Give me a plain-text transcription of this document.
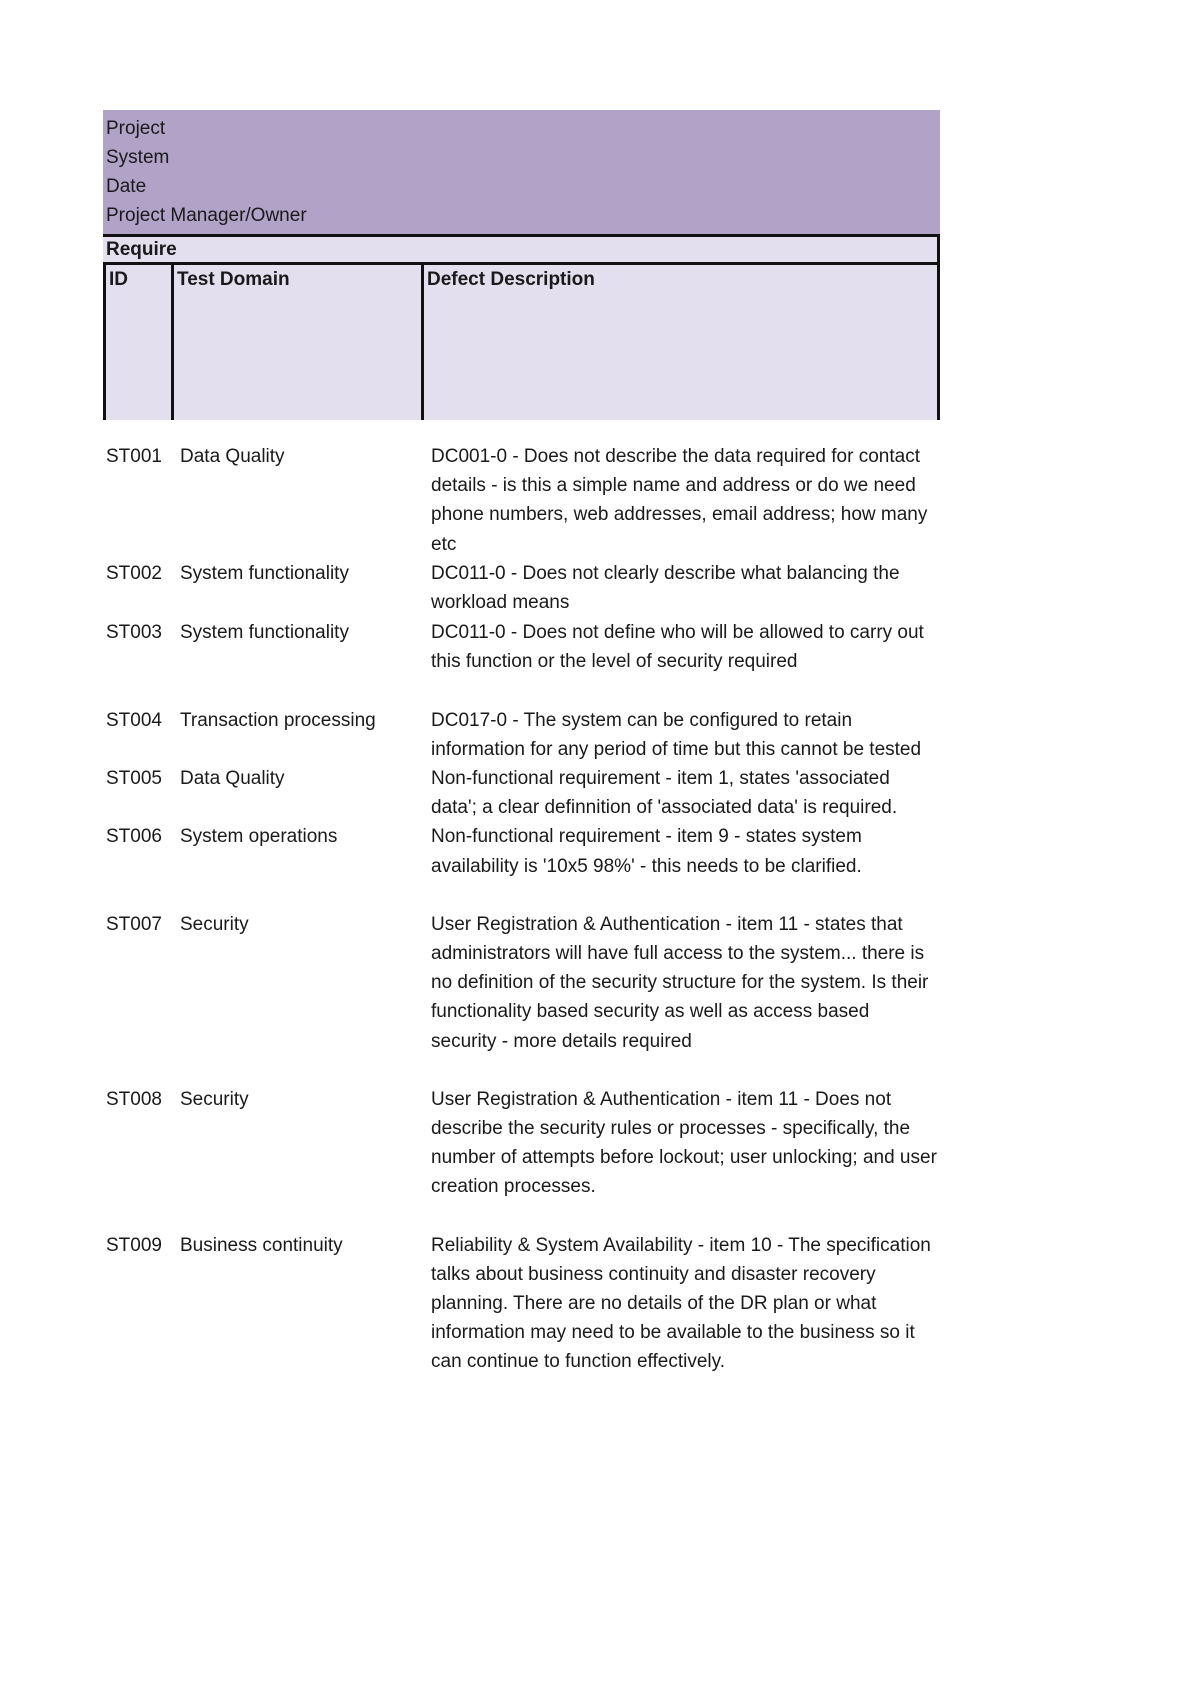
Project
System
Date
Project Manager/Owner
Require
ID	Test Domain	Defect Description
ST001 Data Quality	DC001-0 - Does not describe the data required for contact details - is this a simple name and address or do we need phone numbers, web addresses, email address; how many etc
ST002 System functionality	DC011-0 - Does not clearly describe what balancing the workload means
ST003 System functionality	DC011-0 - Does not define who will be allowed to carry out this function or the level of security required
ST004 Transaction processing	DC017-0 - The system can be configured to retain information for any period of time but this cannot be tested
ST005 Data Quality	Non-functional requirement - item 1, states 'associated data'; a clear definnition of 'associated data' is required.
ST006 System operations	Non-functional requirement - item 9 - states system availability is '10x5 98%' - this needs to be clarified.
ST007 Security	User Registration & Authentication - item 11 - states that administrators will have full access to the system... there is no definition of the security structure for the system. Is their functionality based security as well as access based security - more details required
ST008 Security	User Registration & Authentication - item 11 - Does not describe the security rules or processes - specifically, the number of attempts before lockout; user unlocking; and user creation processes.
ST009 Business continuity	Reliability & System Availability - item 10 - The specification talks about business continuity and disaster recovery planning. There are no details of the DR plan or what information may need to be available to the business so it can continue to function effectively.
